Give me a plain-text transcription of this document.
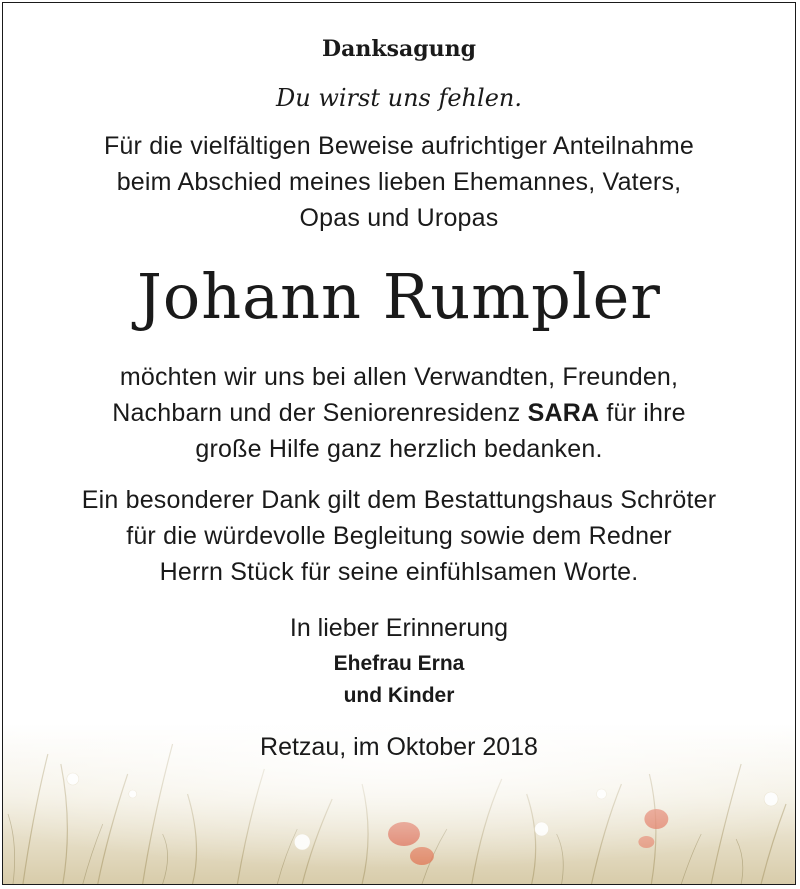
Danksagung
Du wirst uns fehlen.
Für die vielfältigen Beweise aufrichtiger Anteilnahme
beim Abschied meines lieben Ehemannes, Vaters,
Opas und Uropas
Johann Rumpler
möchten wir uns bei allen Verwandten, Freunden,
Nachbarn und der Seniorenresidenz SARA für ihre
große Hilfe ganz herzlich bedanken.
Ein besonderer Dank gilt dem Bestattungshaus Schröter
für die würdevolle Begleitung sowie dem Redner
Herrn Stück für seine einfühlsamen Worte.
In lieber Erinnerung
Ehefrau Erna
und Kinder
Retzau, im Oktober 2018
